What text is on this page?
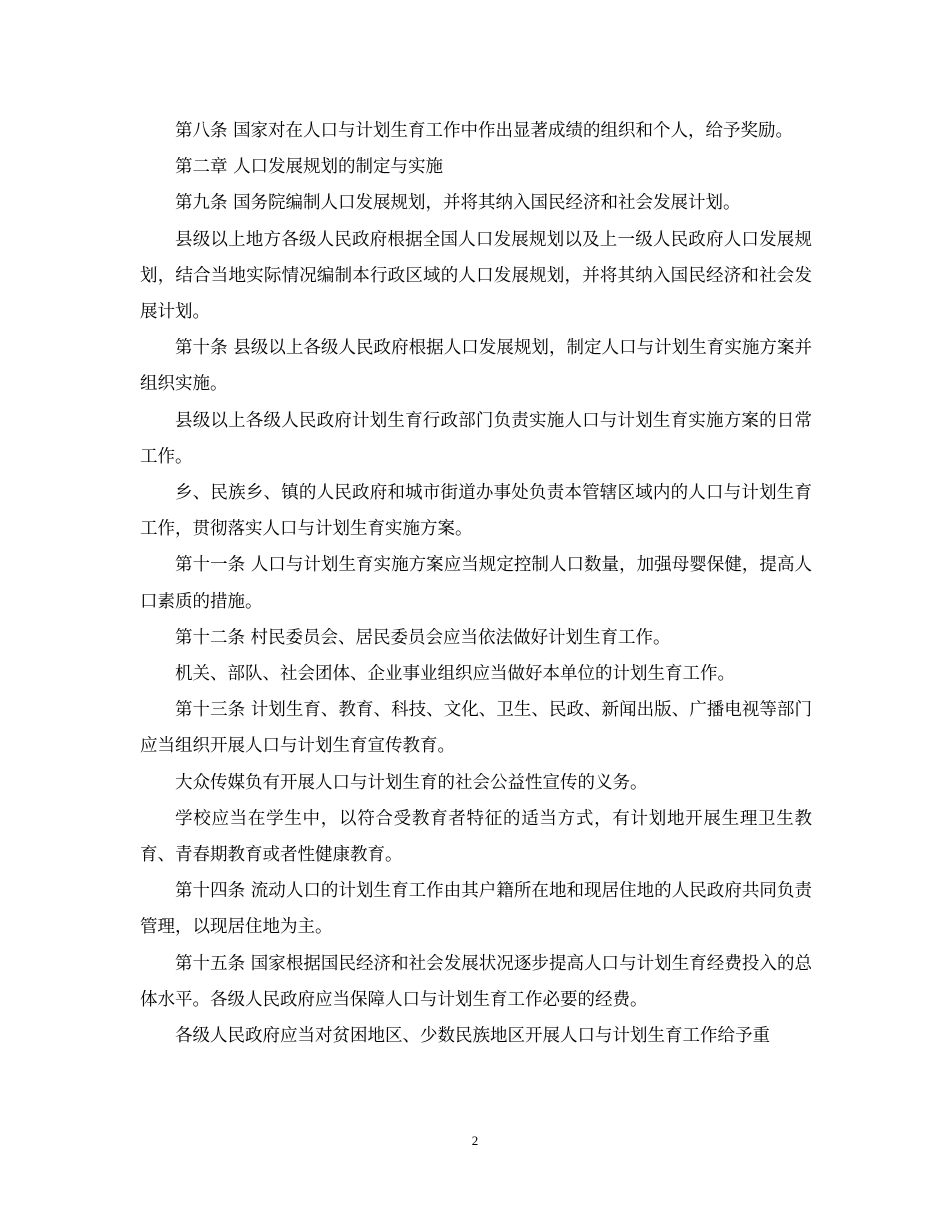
第八条 国家对在人口与计划生育工作中作出显著成绩的组织和个人，给予奖励。

第二章 人口发展规划的制定与实施

第九条 国务院编制人口发展规划，并将其纳入国民经济和社会发展计划。

县级以上地方各级人民政府根据全国人口发展规划以及上一级人民政府人口发展规划，结合当地实际情况编制本行政区域的人口发展规划，并将其纳入国民经济和社会发展计划。

第十条 县级以上各级人民政府根据人口发展规划，制定人口与计划生育实施方案并组织实施。

县级以上各级人民政府计划生育行政部门负责实施人口与计划生育实施方案的日常工作。

乡、民族乡、镇的人民政府和城市街道办事处负责本管辖区域内的人口与计划生育工作，贯彻落实人口与计划生育实施方案。

第十一条 人口与计划生育实施方案应当规定控制人口数量，加强母婴保健，提高人口素质的措施。

第十二条 村民委员会、居民委员会应当依法做好计划生育工作。

机关、部队、社会团体、企业事业组织应当做好本单位的计划生育工作。

第十三条 计划生育、教育、科技、文化、卫生、民政、新闻出版、广播电视等部门应当组织开展人口与计划生育宣传教育。

大众传媒负有开展人口与计划生育的社会公益性宣传的义务。

学校应当在学生中，以符合受教育者特征的适当方式，有计划地开展生理卫生教育、青春期教育或者性健康教育。

第十四条 流动人口的计划生育工作由其户籍所在地和现居住地的人民政府共同负责管理，以现居住地为主。

第十五条 国家根据国民经济和社会发展状况逐步提高人口与计划生育经费投入的总体水平。各级人民政府应当保障人口与计划生育工作必要的经费。

各级人民政府应当对贫困地区、少数民族地区开展人口与计划生育工作给予重

2
